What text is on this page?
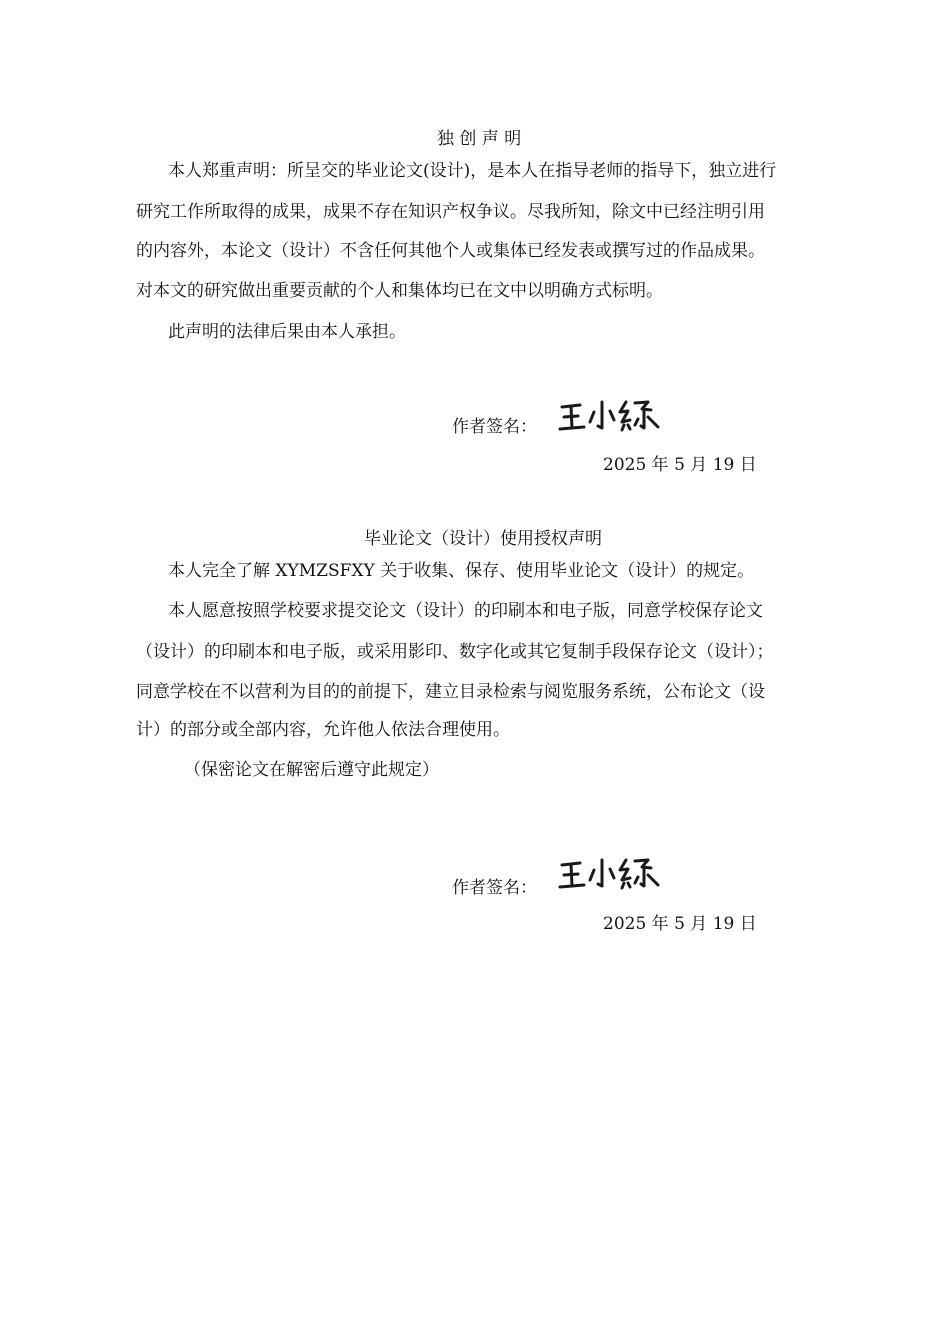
独 创 声 明
本人郑重声明：所呈交的毕业论文(设计)，是本人在指导老师的指导下，独立进行
研究工作所取得的成果，成果不存在知识产权争议。尽我所知，除文中已经注明引用
的内容外，本论文（设计）不含任何其他个人或集体已经发表或撰写过的作品成果。
对本文的研究做出重要贡献的个人和集体均已在文中以明确方式标明。
此声明的法律后果由本人承担。
作者签名：
2025 年 5 月 19 日
毕业论文（设计）使用授权声明
本人完全了解 XYMZSFXY 关于收集、保存、使用毕业论文（设计）的规定。
本人愿意按照学校要求提交论文（设计）的印刷本和电子版，同意学校保存论文
（设计）的印刷本和电子版，或采用影印、数字化或其它复制手段保存论文（设计）；
同意学校在不以营利为目的的前提下，建立目录检索与阅览服务系统，公布论文（设
计）的部分或全部内容，允许他人依法合理使用。
（保密论文在解密后遵守此规定）
作者签名：
2025 年 5 月 19 日
